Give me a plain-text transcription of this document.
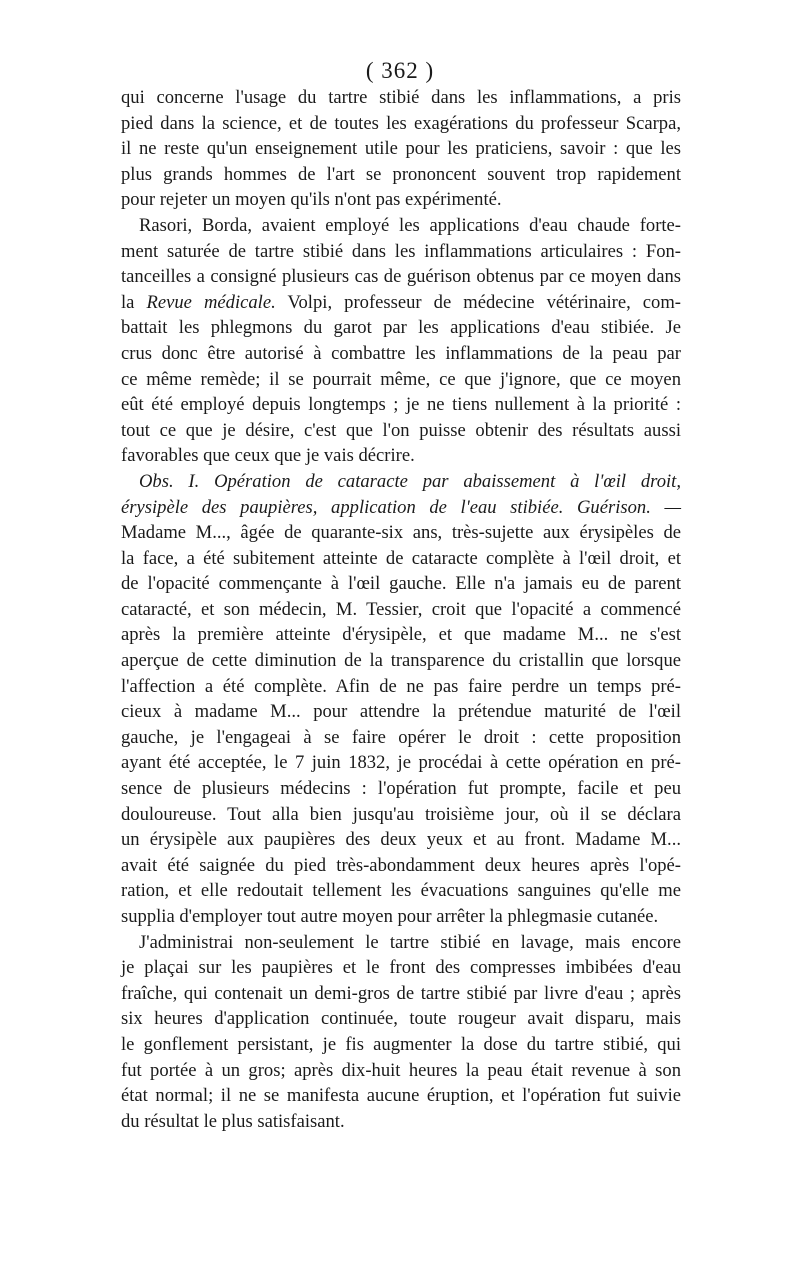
( 362 )
qui concerne l'usage du tartre stibié dans les inflammations, a pris
pied dans la science, et de toutes les exagérations du professeur Scarpa,
il ne reste qu'un enseignement utile pour les praticiens, savoir : que les
plus grands hommes de l'art se prononcent souvent trop rapidement
pour rejeter un moyen qu'ils n'ont pas expérimenté.
Rasori, Borda, avaient employé les applications d'eau chaude forte-
ment saturée de tartre stibié dans les inflammations articulaires : Fon-
tanceilles a consigné plusieurs cas de guérison obtenus par ce moyen dans
la Revue médicale. Volpi, professeur de médecine vétérinaire, com-
battait les phlegmons du garot par les applications d'eau stibiée. Je
crus donc être autorisé à combattre les inflammations de la peau par
ce même remède; il se pourrait même, ce que j'ignore, que ce moyen
eût été employé depuis longtemps ; je ne tiens nullement à la priorité :
tout ce que je désire, c'est que l'on puisse obtenir des résultats aussi
favorables que ceux que je vais décrire.
Obs. I. Opération de cataracte par abaissement à l'œil droit,
érysipèle des paupières, application de l'eau stibiée. Guérison. —
Madame M..., âgée de quarante-six ans, très-sujette aux érysipèles de
la face, a été subitement atteinte de cataracte complète à l'œil droit, et
de l'opacité commençante à l'œil gauche. Elle n'a jamais eu de parent
cataracté, et son médecin, M. Tessier, croit que l'opacité a commencé
après la première atteinte d'érysipèle, et que madame M... ne s'est
aperçue de cette diminution de la transparence du cristallin que lorsque
l'affection a été complète. Afin de ne pas faire perdre un temps pré-
cieux à madame M... pour attendre la prétendue maturité de l'œil
gauche, je l'engageai à se faire opérer le droit : cette proposition
ayant été acceptée, le 7 juin 1832, je procédai à cette opération en pré-
sence de plusieurs médecins : l'opération fut prompte, facile et peu
douloureuse. Tout alla bien jusqu'au troisième jour, où il se déclara
un érysipèle aux paupières des deux yeux et au front. Madame M...
avait été saignée du pied très-abondamment deux heures après l'opé-
ration, et elle redoutait tellement les évacuations sanguines qu'elle me
supplia d'employer tout autre moyen pour arrêter la phlegmasie cutanée.
J'administrai non-seulement le tartre stibié en lavage, mais encore
je plaçai sur les paupières et le front des compresses imbibées d'eau
fraîche, qui contenait un demi-gros de tartre stibié par livre d'eau ; après
six heures d'application continuée, toute rougeur avait disparu, mais
le gonflement persistant, je fis augmenter la dose du tartre stibié, qui
fut portée à un gros; après dix-huit heures la peau était revenue à son
état normal; il ne se manifesta aucune éruption, et l'opération fut suivie
du résultat le plus satisfaisant.
